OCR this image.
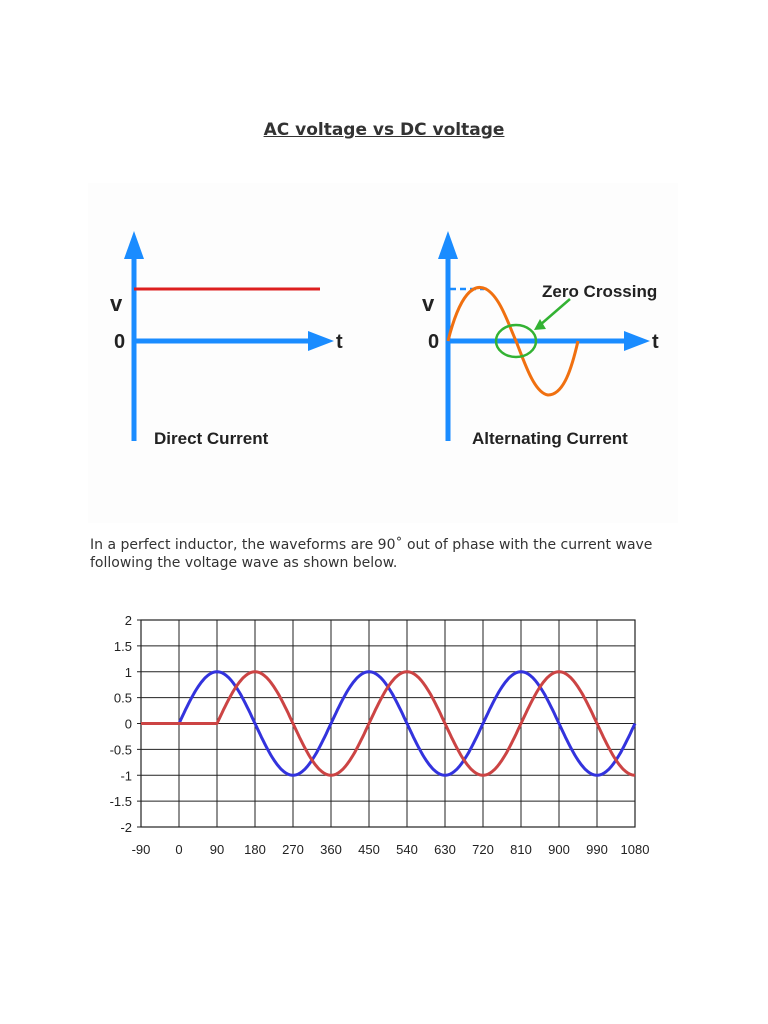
AC voltage vs DC voltage
v
0	t
Direct Current
v
0	t
Zero Crossing
Alternating Current

In a perfect inductor, the waveforms are 90˚ out of phase with the current wave following the voltage wave as shown below.

-90 0 90 180 270 360 450 540 630 720 810 900 990 1080
2
1.5
1
0.5
0
-0.5
-1
-1.5
-2
